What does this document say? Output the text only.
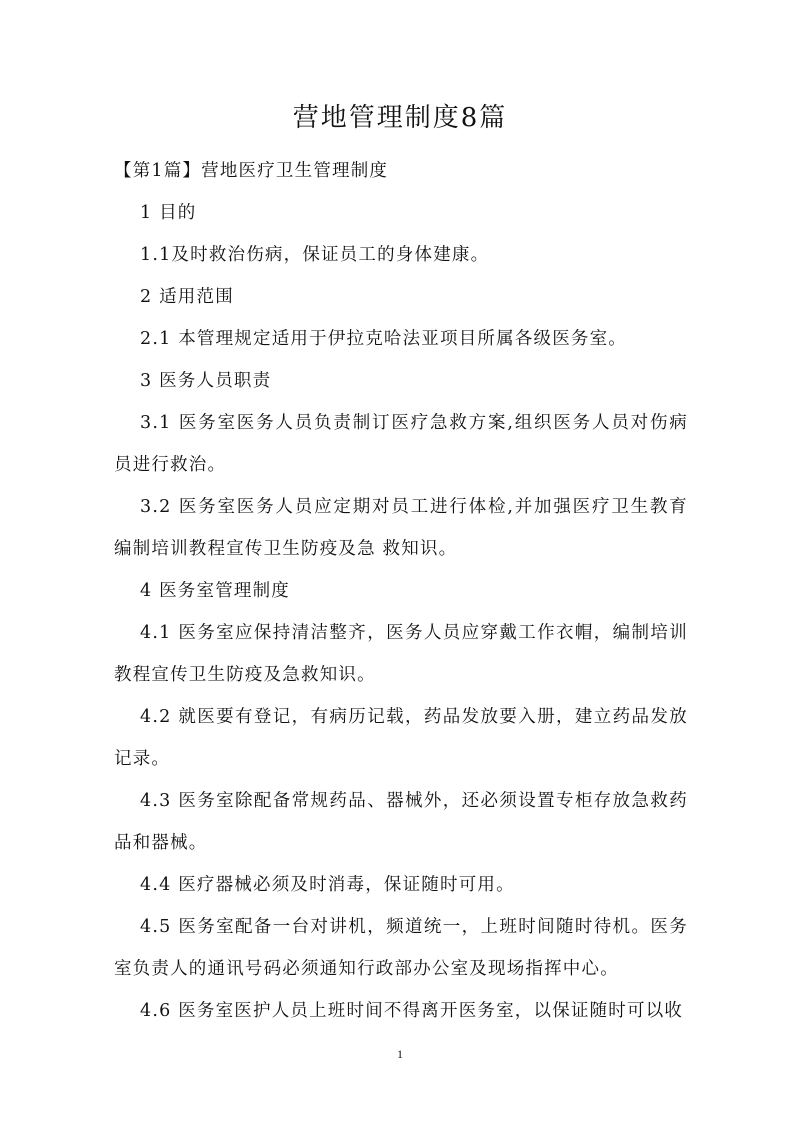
营地管理制度8篇

【第1篇】营地医疗卫生管理制度

1 目的

1.1及时救治伤病，保证员工的身体建康。

2 适用范围

2.1 本管理规定适用于伊拉克哈法亚项目所属各级医务室。

3 医务人员职责

3.1 医务室医务人员负责制订医疗急救方案,组织医务人员对伤病员进行救治。

3.2 医务室医务人员应定期对员工进行体检,并加强医疗卫生教育编制培训教程宣传卫生防疫及急 救知识。

4 医务室管理制度

4.1 医务室应保持清洁整齐，医务人员应穿戴工作衣帽，编制培训教程宣传卫生防疫及急救知识。

4.2 就医要有登记，有病历记载，药品发放要入册，建立药品发放记录。

4.3 医务室除配备常规药品、器械外，还必须设置专柜存放急救药品和器械。

4.4 医疗器械必须及时消毒，保证随时可用。

4.5 医务室配备一台对讲机，频道统一，上班时间随时待机。医务室负责人的通讯号码必须通知行政部办公室及现场指挥中心。

4.6 医务室医护人员上班时间不得离开医务室，以保证随时可以收

1
